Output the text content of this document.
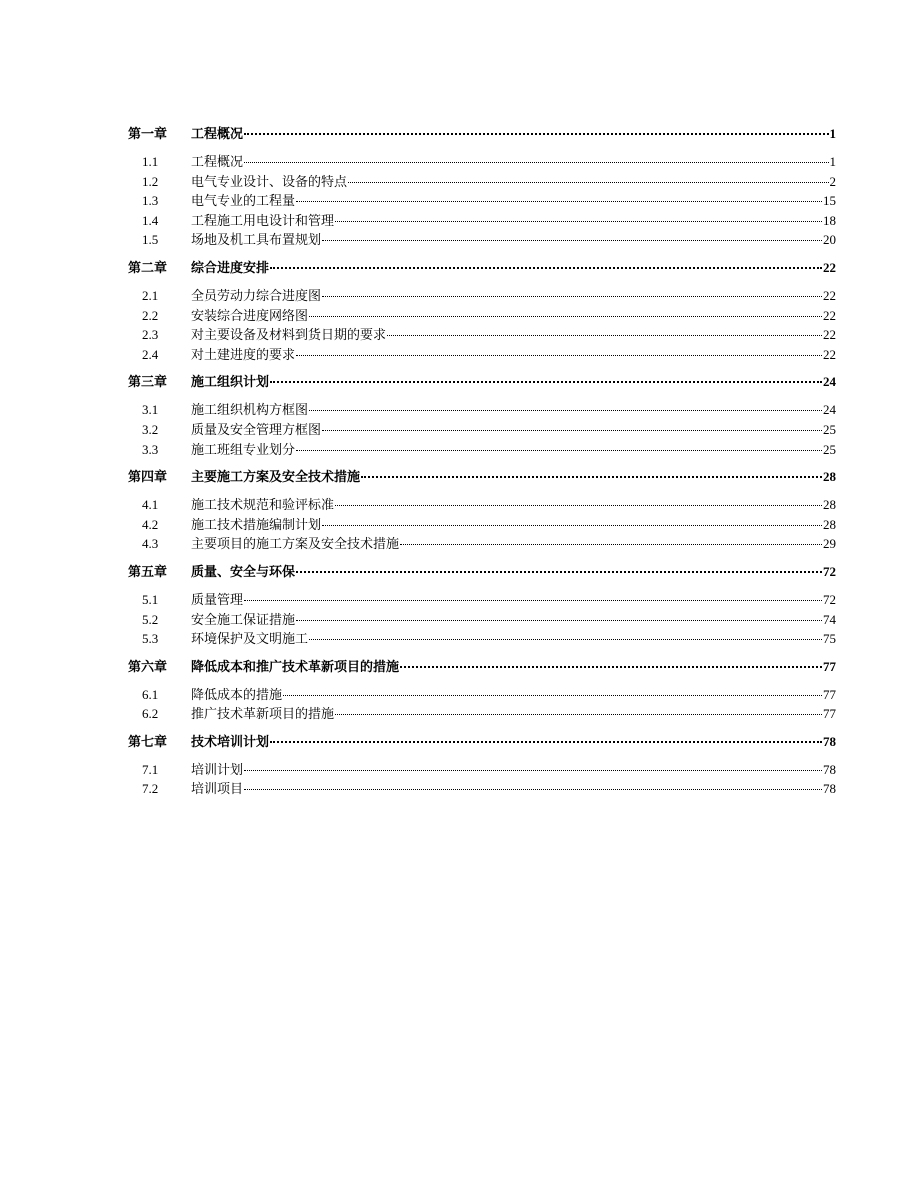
第一章	工程概况	1
1.1	工程概况	1
1.2	电气专业设计、设备的特点	2
1.3	电气专业的工程量	15
1.4	工程施工用电设计和管理	18
1.5	场地及机工具布置规划	20
第二章	综合进度安排	22
2.1	全员劳动力综合进度图	22
2.2	安装综合进度网络图	22
2.3	对主要设备及材料到货日期的要求	22
2.4	对土建进度的要求	22
第三章	施工组织计划	24
3.1	施工组织机构方框图	24
3.2	质量及安全管理方框图	25
3.3	施工班组专业划分	25
第四章	主要施工方案及安全技术措施	28
4.1	施工技术规范和验评标准	28
4.2	施工技术措施编制计划	28
4.3	主要项目的施工方案及安全技术措施	29
第五章	质量、安全与环保	72
5.1	质量管理	72
5.2	安全施工保证措施	74
5.3	环境保护及文明施工	75
第六章	降低成本和推广技术革新项目的措施	77
6.1	降低成本的措施	77
6.2	推广技术革新项目的措施	77
第七章	技术培训计划	78
7.1	培训计划	78
7.2	培训项目	78
